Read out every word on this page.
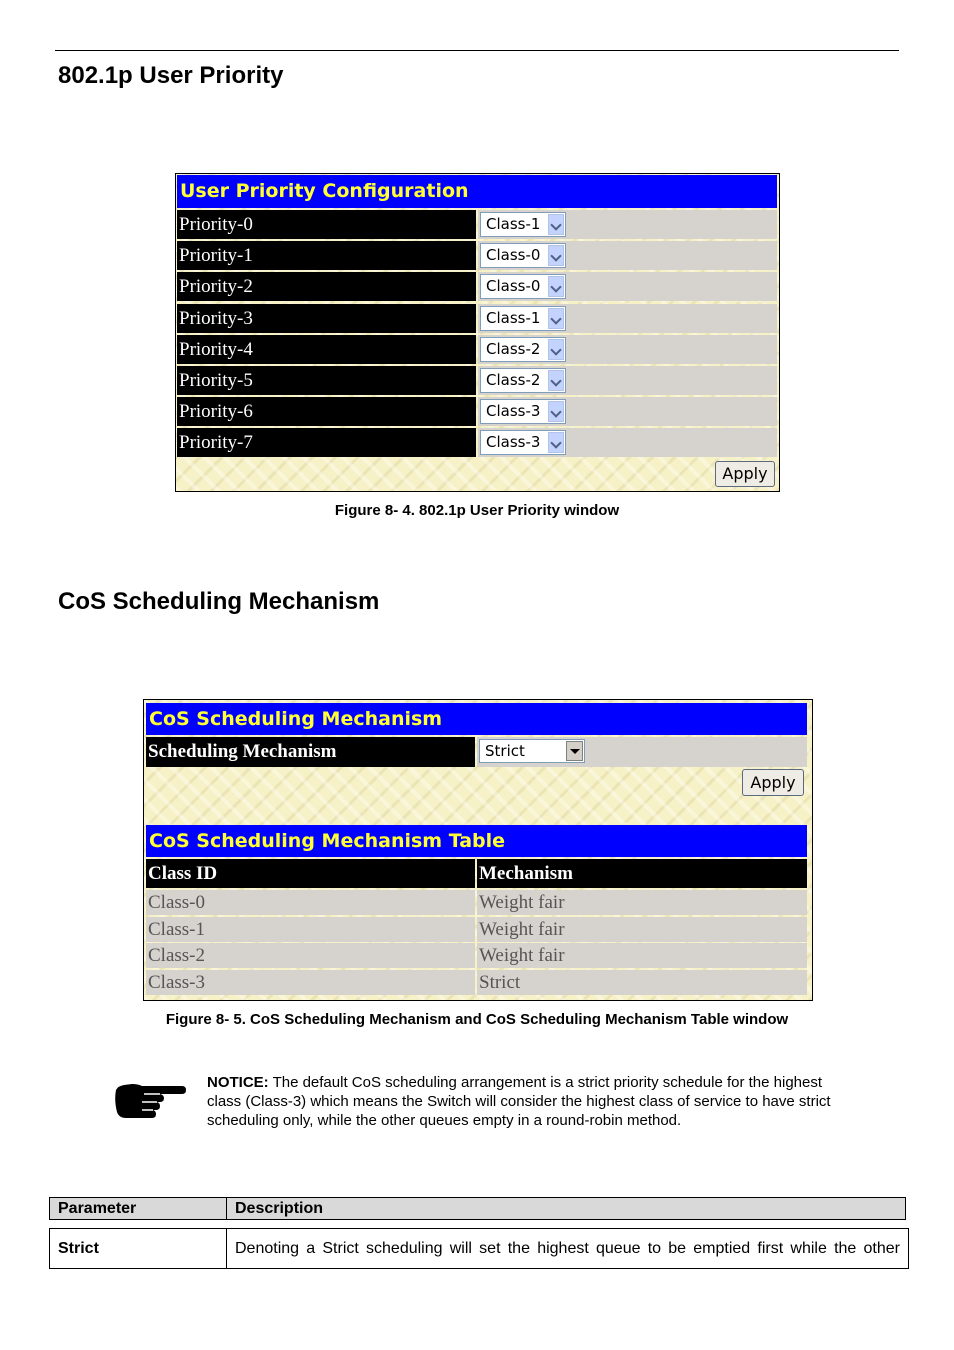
802.1p User Priority
User Priority Configuration
Priority-0	Class-1
Priority-1	Class-0
Priority-2	Class-0
Priority-3	Class-1
Priority-4	Class-2
Priority-5	Class-2
Priority-6	Class-3
Priority-7	Class-3
Apply
Figure 8- 4. 802.1p User Priority window
CoS Scheduling Mechanism
CoS Scheduling Mechanism
Scheduling Mechanism	Strict
Apply
CoS Scheduling Mechanism Table
Class ID	Mechanism
Class-0	Weight fair
Class-1	Weight fair
Class-2	Weight fair
Class-3	Strict
Figure 8- 5. CoS Scheduling Mechanism and CoS Scheduling Mechanism Table window
NOTICE: The default CoS scheduling arrangement is a strict priority schedule for the highest class (Class-3) which means the Switch will consider the highest class of service to have strict scheduling only, while the other queues empty in a round-robin method.
Parameter	Description
Strict	Denoting a Strict scheduling will set the highest queue to be emptied first while the other
